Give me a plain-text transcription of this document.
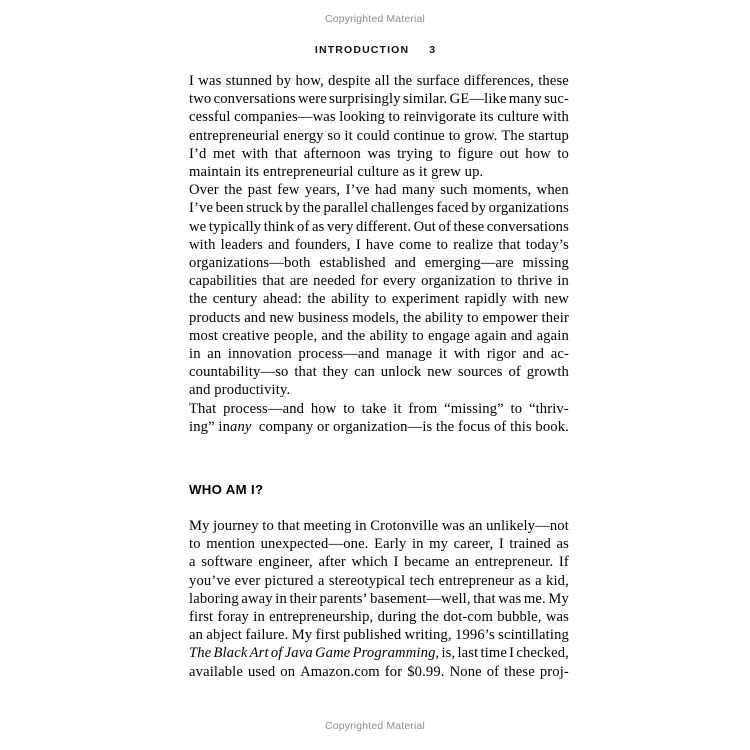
Copyrighted Material
INTRODUCTION 3

I was stunned by how, despite all the surface differences, these
two conversations were surprisingly similar. GE—like many suc-
cessful companies—was looking to reinvigorate its culture with
entrepreneurial energy so it could continue to grow. The startup
I’d met with that afternoon was trying to figure out how to
maintain its entrepreneurial culture as it grew up.

Over the past few years, I’ve had many such moments, when
I’ve been struck by the parallel challenges faced by organizations
we typically think of as very different. Out of these conversations
with leaders and founders, I have come to realize that today’s
organizations—both established and emerging—are missing
capabilities that are needed for every organization to thrive in
the century ahead: the ability to experiment rapidly with new
products and new business models, the ability to empower their
most creative people, and the ability to engage again and again
in an innovation process—and manage it with rigor and ac-
countability—so that they can unlock new sources of growth
and productivity.

That process—and how to take it from “missing” to “thriv-
ing” inany company or organization—is the focus of this book.

WHO AM I?

My journey to that meeting in Crotonville was an unlikely—not
to mention unexpected—one. Early in my career, I trained as
a software engineer, after which I became an entrepreneur. If
you’ve ever pictured a stereotypical tech entrepreneur as a kid,
laboring away in their parents’ basement—well, that was me. My
first foray in entrepreneurship, during the dot-com bubble, was
an abject failure. My first published writing, 1996’s scintillating
The Black Art of Java Game Programming, is, last time I checked,
available used on Amazon.com for $0.99. None of these proj-

Copyrighted Material
